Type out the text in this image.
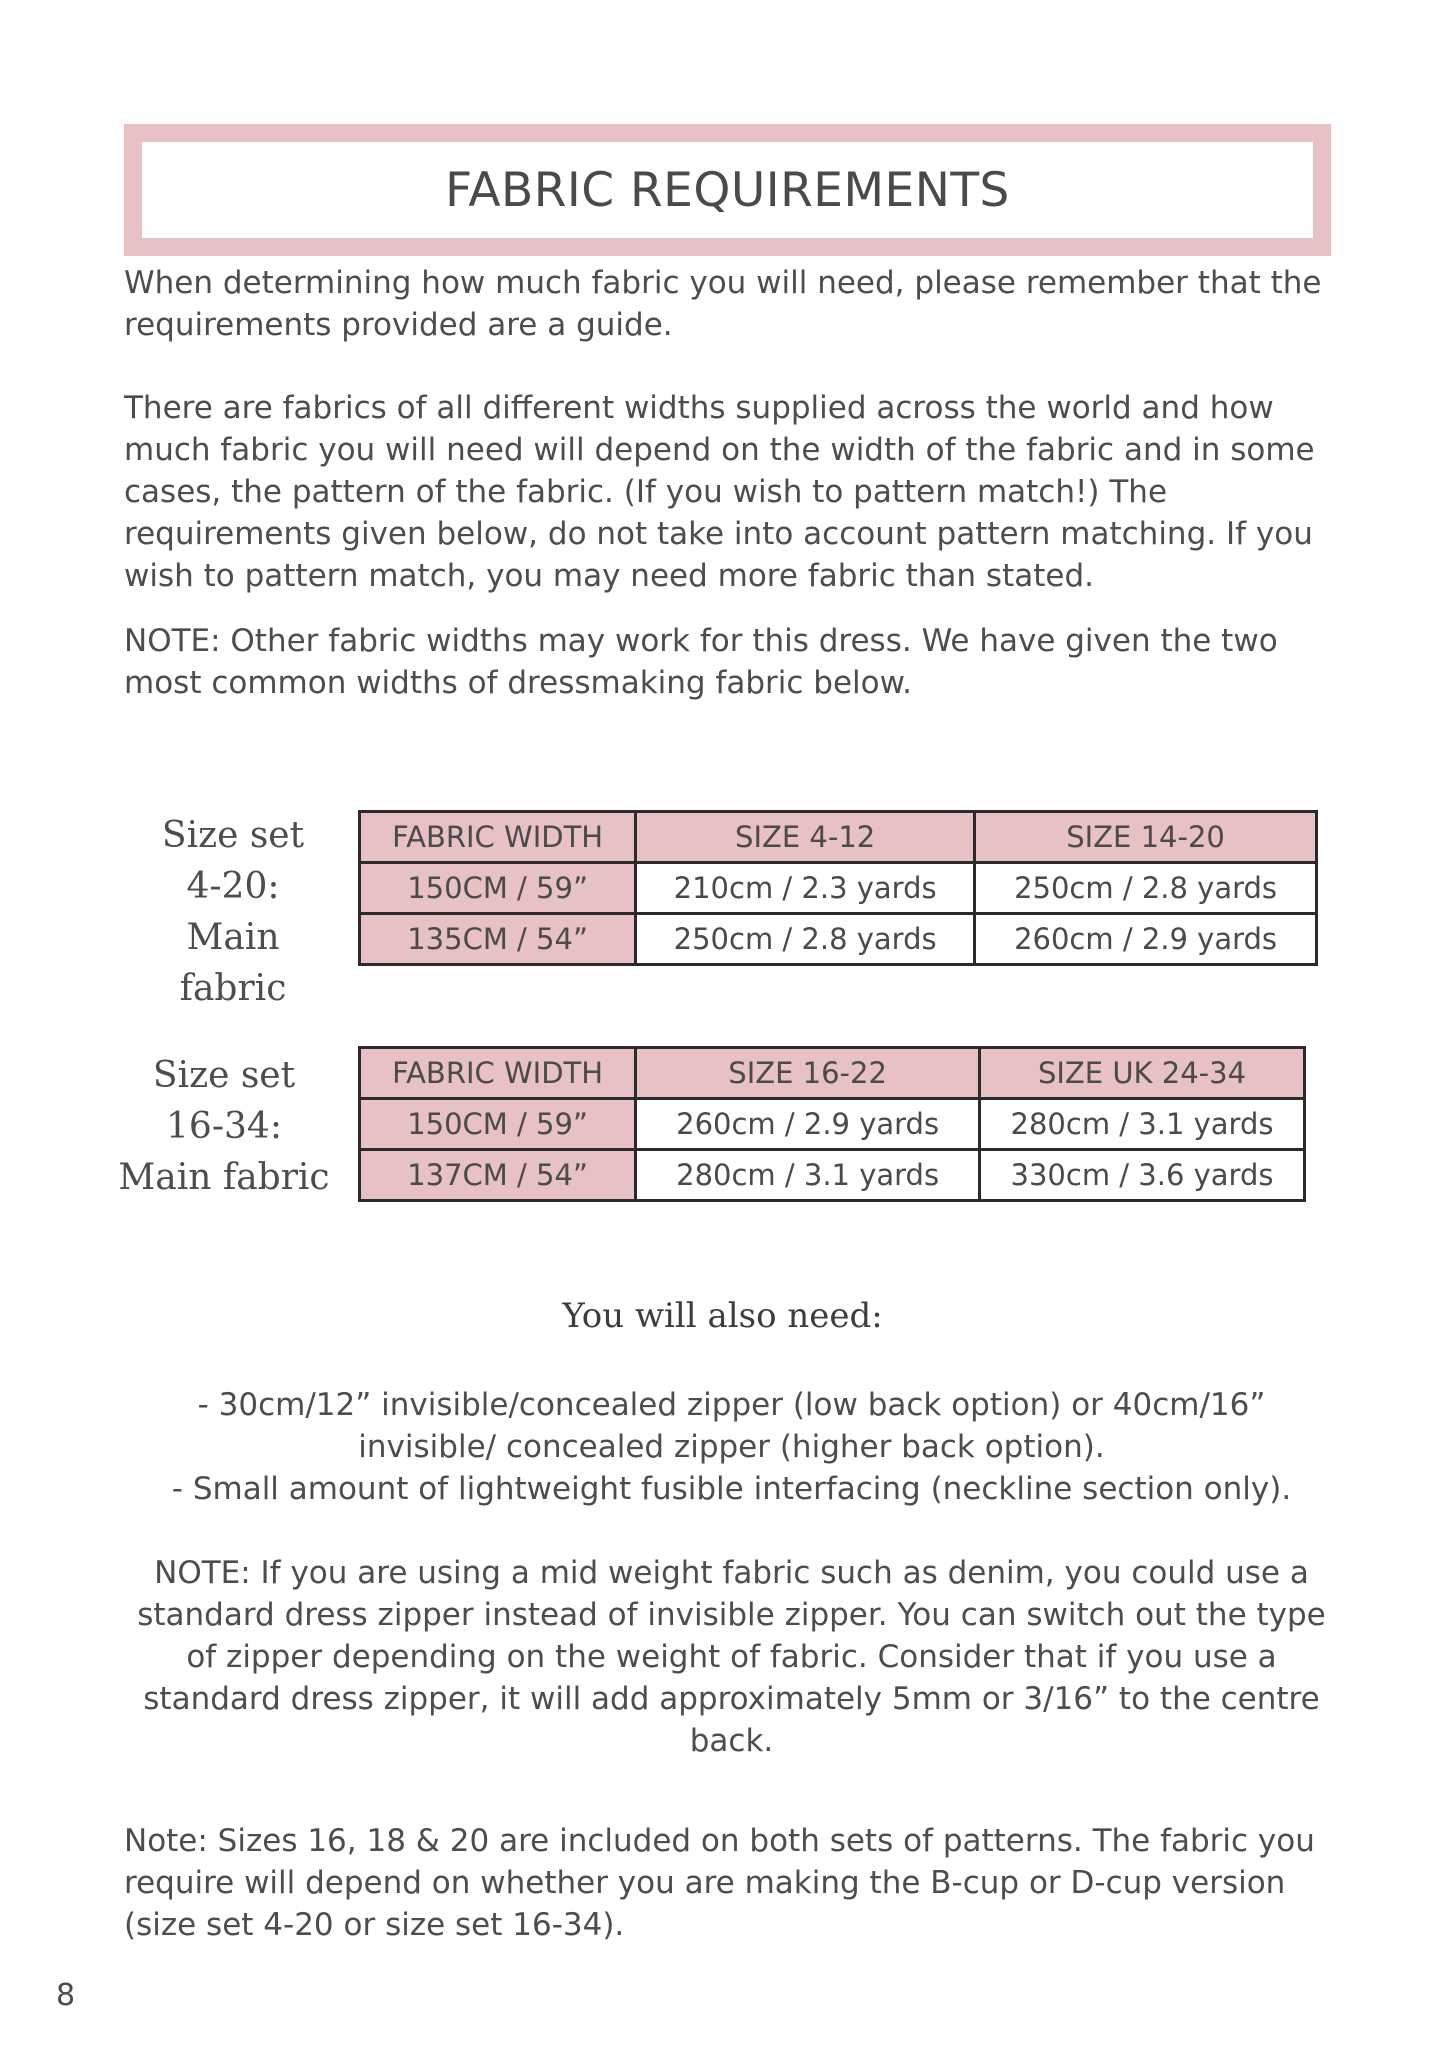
FABRIC REQUIREMENTS

When determining how much fabric you will need, please remember that the requirements provided are a guide.

There are fabrics of all different widths supplied across the world and how much fabric you will need will depend on the width of the fabric and in some cases, the pattern of the fabric. (If you wish to pattern match!) The requirements given below, do not take into account pattern matching. If you wish to pattern match, you may need more fabric than stated.

NOTE: Other fabric widths may work for this dress. We have given the two most common widths of dressmaking fabric below.

Size set
4-20:
Main fabric
FABRIC WIDTH	SIZE 4-12	SIZE 14-20
150CM / 59”	210cm / 2.3 yards	250cm / 2.8 yards
135CM / 54”	250cm / 2.8 yards	260cm / 2.9 yards
Size set
16-34:
Main fabric
FABRIC WIDTH	SIZE 16-22	SIZE UK 24-34
150CM / 59”	260cm / 2.9 yards	280cm / 3.1 yards
137CM / 54”	280cm / 3.1 yards	330cm / 3.6 yards
You will also need:

- 30cm/12” invisible/concealed zipper (low back option) or 40cm/16” invisible/ concealed zipper (higher back option).

- Small amount of lightweight fusible interfacing (neckline section only).

NOTE: If you are using a mid weight fabric such as denim, you could use a standard dress zipper instead of invisible zipper. You can switch out the type of zipper depending on the weight of fabric. Consider that if you use a standard dress zipper, it will add approximately 5mm or 3/16” to the centre back.

Note: Sizes 16, 18 & 20 are included on both sets of patterns. The fabric you require will depend on whether you are making the B-cup or D-cup version (size set 4-20 or size set 16-34).

8
